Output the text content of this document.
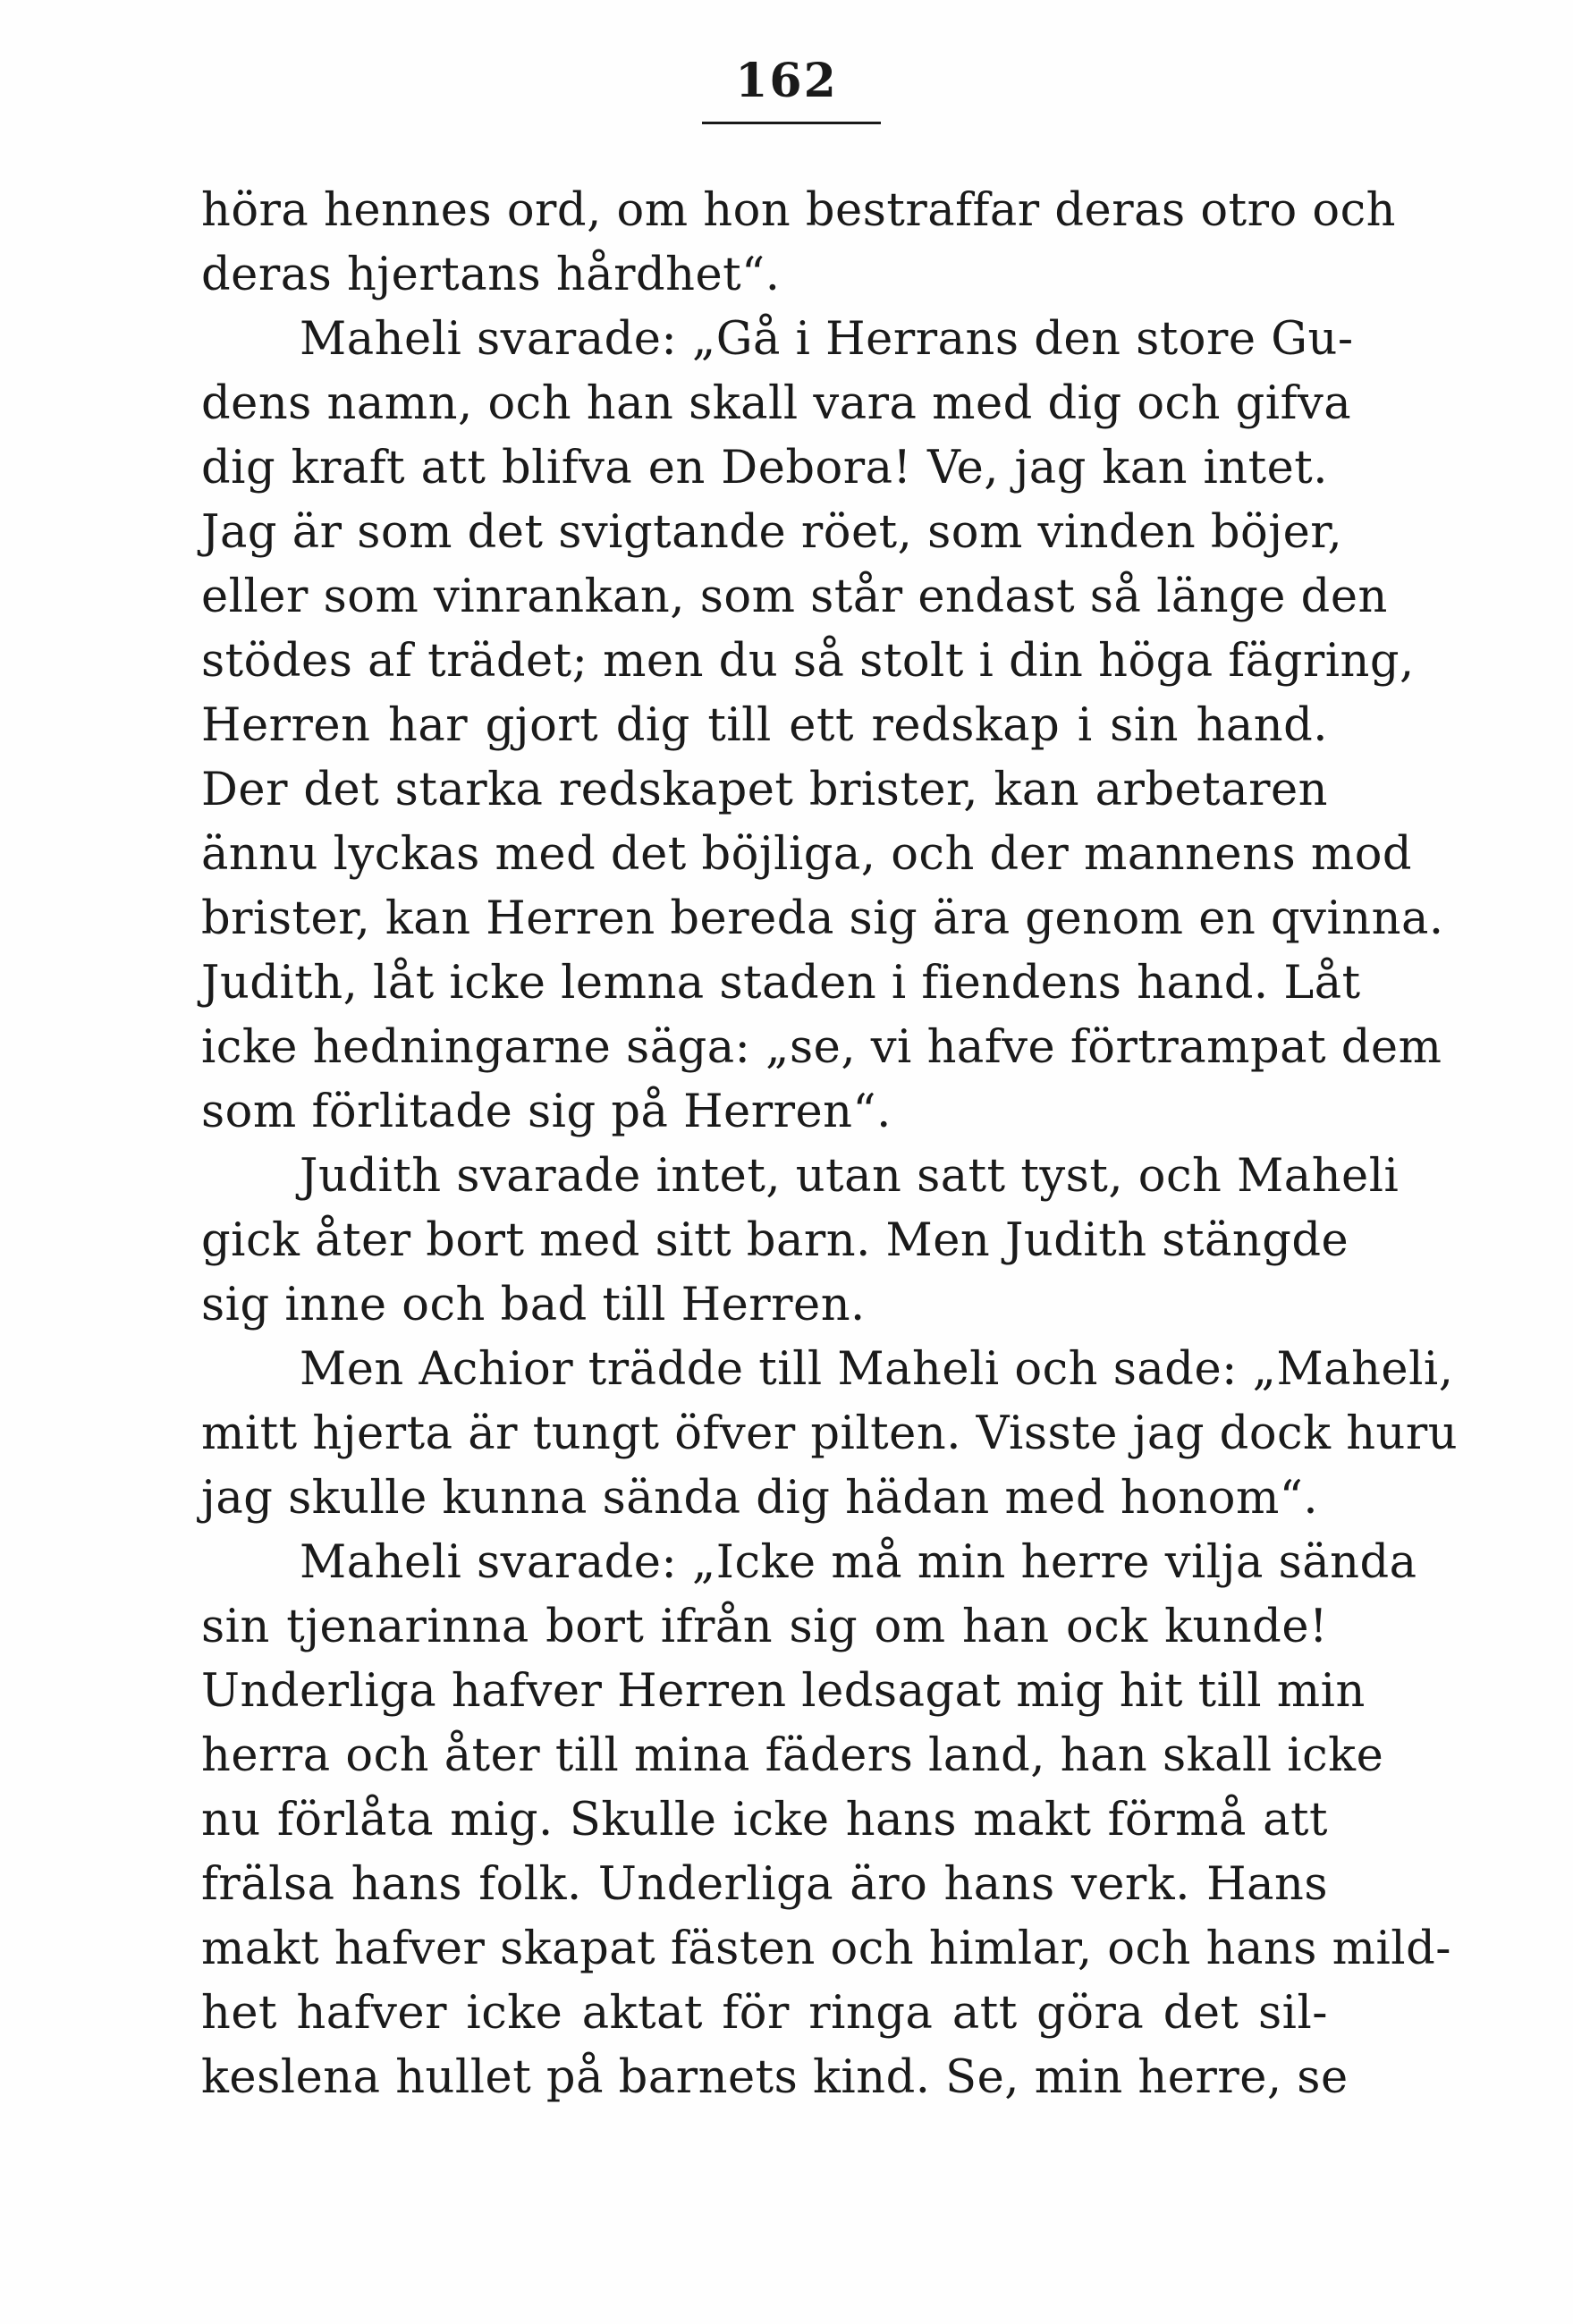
162
höra hennes ord, om hon bestraffar deras otro och
deras hjertans hårdhet“.
Maheli svarade: „Gå i Herrans den store Gu-
dens namn, och han skall vara med dig och gifva
dig kraft att blifva en Debora! Ve, jag kan intet.
Jag är som det svigtande röet, som vinden böjer,
eller som vinrankan, som står endast så länge den
stödes af trädet; men du så stolt i din höga fägring,
Herren har gjort dig till ett redskap i sin hand.
Der det starka redskapet brister, kan arbetaren
ännu lyckas med det böjliga, och der mannens mod
brister, kan Herren bereda sig ära genom en qvinna.
Judith, låt icke lemna staden i fiendens hand. Låt
icke hedningarne säga: „se, vi hafve förtrampat dem
som förlitade sig på Herren“.
Judith svarade intet, utan satt tyst, och Maheli
gick åter bort med sitt barn. Men Judith stängde
sig inne och bad till Herren.
Men Achior trädde till Maheli och sade: „Maheli,
mitt hjerta är tungt öfver pilten. Visste jag dock huru
jag skulle kunna sända dig hädan med honom“.
Maheli svarade: „Icke må min herre vilja sända
sin tjenarinna bort ifrån sig om han ock kunde!
Underliga hafver Herren ledsagat mig hit till min
herra och åter till mina fäders land, han skall icke
nu förlåta mig. Skulle icke hans makt förmå att
frälsa hans folk. Underliga äro hans verk. Hans
makt hafver skapat fästen och himlar, och hans mild-
het hafver icke aktat för ringa att göra det sil-
keslena hullet på barnets kind. Se, min herre, se
